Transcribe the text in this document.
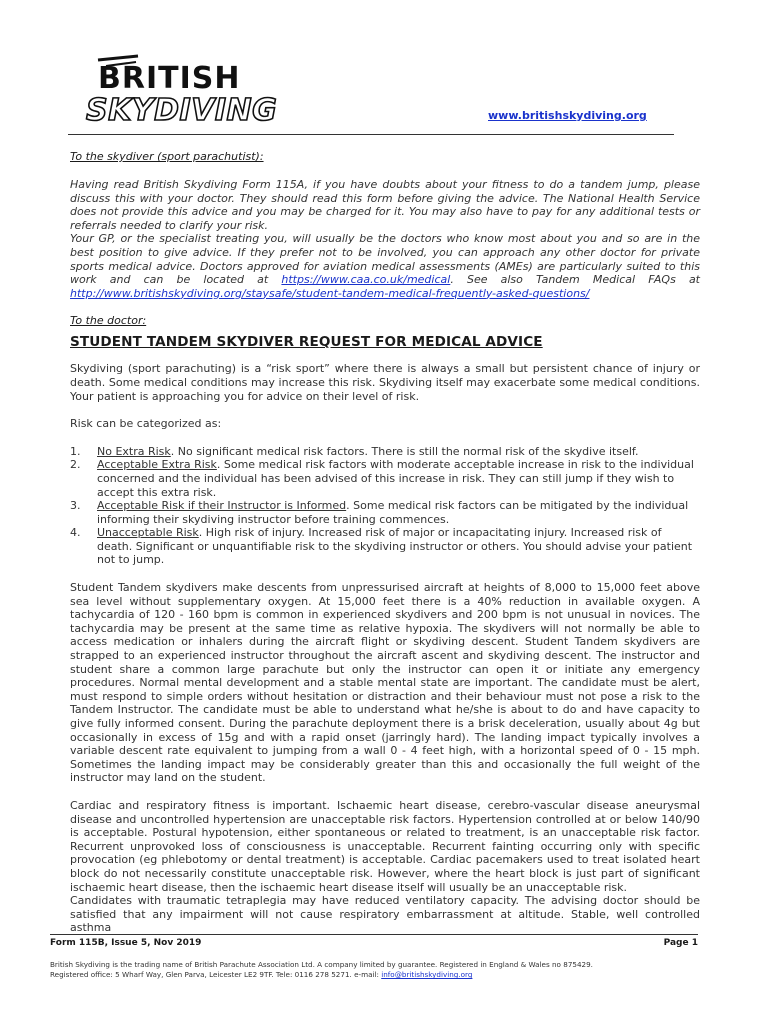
BRITISH
SKYDIVING	www.britishskydiving.org

To the skydiver (sport parachutist):

Having read British Skydiving Form 115A, if you have doubts about your fitness to do a tandem jump, please discuss this with your doctor. They should read this form before giving the advice. The National Health Service does not provide this advice and you may be charged for it. You may also have to pay for any additional tests or referrals needed to clarify your risk.

Your GP, or the specialist treating you, will usually be the doctors who know most about you and so are in the best position to give advice. If they prefer not to be involved, you can approach any other doctor for private sports medical advice. Doctors approved for aviation medical assessments (AMEs) are particularly suited to this work and can be located at https://www.caa.co.uk/medical. See also Tandem Medical FAQs at http://www.britishskydiving.org/staysafe/student-tandem-medical-frequently-asked-questions/

To the doctor:

STUDENT TANDEM SKYDIVER REQUEST FOR MEDICAL ADVICE

Skydiving (sport parachuting) is a “risk sport” where there is always a small but persistent chance of injury or death. Some medical conditions may increase this risk. Skydiving itself may exacerbate some medical conditions. Your patient is approaching you for advice on their level of risk.

Risk can be categorized as:

1. No Extra Risk. No significant medical risk factors. There is still the normal risk of the skydive itself.
2. Acceptable Extra Risk. Some medical risk factors with moderate acceptable increase in risk to the individual concerned and the individual has been advised of this increase in risk. They can still jump if they wish to accept this extra risk.
3. Acceptable Risk if their Instructor is Informed. Some medical risk factors can be mitigated by the individual informing their skydiving instructor before training commences.
4. Unacceptable Risk. High risk of injury. Increased risk of major or incapacitating injury. Increased risk of death. Significant or unquantifiable risk to the skydiving instructor or others. You should advise your patient not to jump.

Student Tandem skydivers make descents from unpressurised aircraft at heights of 8,000 to 15,000 feet above sea level without supplementary oxygen. At 15,000 feet there is a 40% reduction in available oxygen. A tachycardia of 120 - 160 bpm is common in experienced skydivers and 200 bpm is not unusual in novices. The tachycardia may be present at the same time as relative hypoxia. The skydivers will not normally be able to access medication or inhalers during the aircraft flight or skydiving descent. Student Tandem skydivers are strapped to an experienced instructor throughout the aircraft ascent and skydiving descent. The instructor and student share a common large parachute but only the instructor can open it or initiate any emergency procedures. Normal mental development and a stable mental state are important. The candidate must be alert, must respond to simple orders without hesitation or distraction and their behaviour must not pose a risk to the Tandem Instructor. The candidate must be able to understand what he/she is about to do and have capacity to give fully informed consent. During the parachute deployment there is a brisk deceleration, usually about 4g but occasionally in excess of 15g and with a rapid onset (jarringly hard). The landing impact typically involves a variable descent rate equivalent to jumping from a wall 0 - 4 feet high, with a horizontal speed of 0 - 15 mph. Sometimes the landing impact may be considerably greater than this and occasionally the full weight of the instructor may land on the student.

Cardiac and respiratory fitness is important. Ischaemic heart disease, cerebro-vascular disease aneurysmal disease and uncontrolled hypertension are unacceptable risk factors. Hypertension controlled at or below 140/90 is acceptable. Postural hypotension, either spontaneous or related to treatment, is an unacceptable risk factor. Recurrent unprovoked loss of consciousness is unacceptable. Recurrent fainting occurring only with specific provocation (eg phlebotomy or dental treatment) is acceptable. Cardiac pacemakers used to treat isolated heart block do not necessarily constitute unacceptable risk. However, where the heart block is just part of significant ischaemic heart disease, then the ischaemic heart disease itself will usually be an unacceptable risk.

Candidates with traumatic tetraplegia may have reduced ventilatory capacity. The advising doctor should be satisfied that any impairment will not cause respiratory embarrassment at altitude. Stable, well controlled asthma

Form 115B, Issue 5, Nov 2019	Page 1
British Skydiving is the trading name of British Parachute Association Ltd. A company limited by guarantee. Registered in England & Wales no 875429.
Registered office: 5 Wharf Way, Glen Parva, Leicester LE2 9TF. Tele: 0116 278 5271. e-mail: info@britishskydiving.org
